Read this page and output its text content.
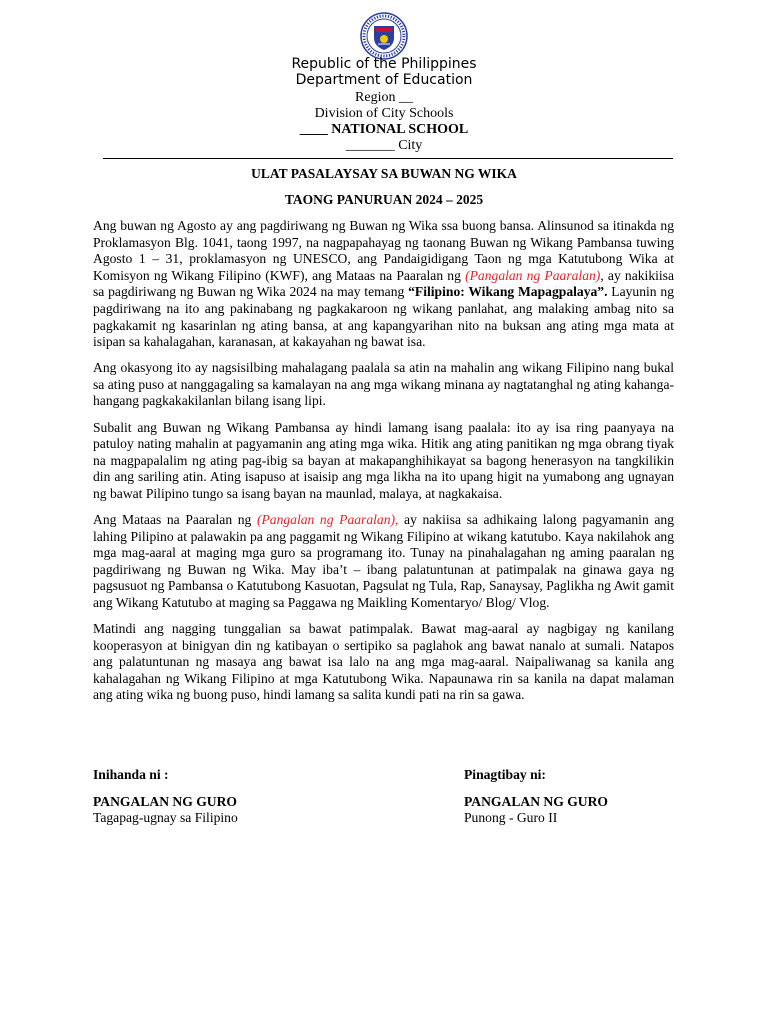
Republic of the Philippines
Department of Education
Region __
Division of City Schools
____ NATIONAL SCHOOL
_______ City
ULAT PASALAYSAY SA BUWAN NG WIKA
TAONG PANURUAN 2024 – 2025

Ang buwan ng Agosto ay ang pagdiriwang ng Buwan ng Wika ssa buong bansa. Alinsunod sa itinakda ng Proklamasyon Blg. 1041, taong 1997, na nagpapahayag ng taonang Buwan ng Wikang Pambansa tuwing Agosto 1 – 31, proklamasyon ng UNESCO, ang Pandaigidigang Taon ng mga Katutubong Wika at Komisyon ng Wikang Filipino (KWF), ang Mataas na Paaralan ng (Pangalan ng Paaralan), ay nakikiisa sa pagdiriwang ng Buwan ng Wika 2024 na may temang “Filipino: Wikang Mapagpalaya”. Layunin ng pagdiriwang na ito ang pakinabang ng pagkakaroon ng wikang panlahat, ang malaking ambag nito sa pagkakamit ng kasarinlan ng ating bansa, at ang kapangyarihan nito na buksan ang ating mga mata at isipan sa kahalagahan, karanasan, at kakayahan ng bawat isa.

Ang okasyong ito ay nagsisilbing mahalagang paalala sa atin na mahalin ang wikang Filipino nang bukal sa ating puso at nanggagaling sa kamalayan na ang mga wikang minana ay nagtatanghal ng ating kahanga-hangang pagkakakilanlan bilang isang lipi.

Subalit ang Buwan ng Wikang Pambansa ay hindi lamang isang paalala: ito ay isa ring paanyaya na patuloy nating mahalin at pagyamanin ang ating mga wika. Hitik ang ating panitikan ng mga obrang tiyak na magpapalalim ng ating pag-ibig sa bayan at makapanghihikayat sa bagong henerasyon na tangkilikin din ang sariling atin. Ating isapuso at isaisip ang mga likha na ito upang higit na yumabong ang ugnayan ng bawat Pilipino tungo sa isang bayan na maunlad, malaya, at nagkakaisa.

Ang Mataas na Paaralan ng (Pangalan ng Paaralan), ay nakiisa sa adhikaing lalong pagyamanin ang lahing Pilipino at palawakin pa ang paggamit ng Wikang Filipino at wikang katutubo. Kaya nakilahok ang mga mag-aaral at maging mga guro sa programang ito. Tunay na pinahalagahan ng aming paaralan ng pagdiriwang ng Buwan ng Wika. May iba’t – ibang palatuntunan at patimpalak na ginawa gaya ng pagsusuot ng Pambansa o Katutubong Kasuotan, Pagsulat ng Tula, Rap, Sanaysay, Paglikha ng Awit gamit ang Wikang Katutubo at maging sa Paggawa ng Maikling Komentaryo/ Blog/ Vlog.

Matindi ang nagging tunggalian sa bawat patimpalak. Bawat mag-aaral ay nagbigay ng kanilang kooperasyon at binigyan din ng katibayan o sertipiko sa paglahok ang bawat nanalo at sumali. Natapos ang palatuntunan ng masaya ang bawat isa lalo na ang mga mag-aaral. Naipaliwanag sa kanila ang kahalagahan ng Wikang Filipino at mga Katutubong Wika. Napaunawa rin sa kanila na dapat malaman ang ating wika ng buong puso, hindi lamang sa salita kundi pati na rin sa gawa.

Inihanda ni :
PANGALAN NG GURO
Tagapag-ugnay sa Filipino
Pinagtibay ni:
PANGALAN NG GURO
Punong - Guro II
